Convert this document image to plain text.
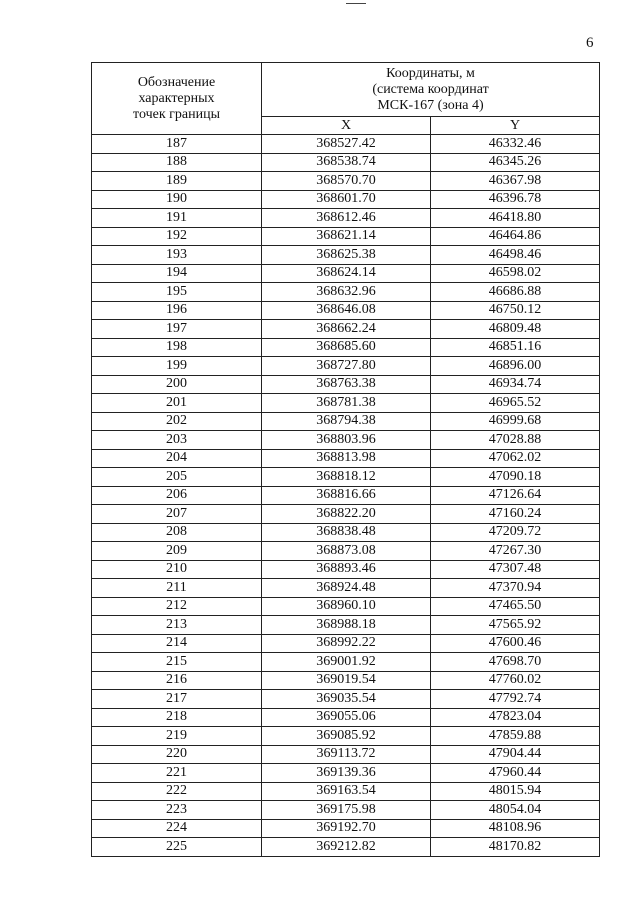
6
Обозначение
характерных
точек границы	Координаты, м
(система координат
МСК-167 (зона 4)	
	X	Y
187	368527.42	46332.46
188	368538.74	46345.26
189	368570.70	46367.98
190	368601.70	46396.78
191	368612.46	46418.80
192	368621.14	46464.86
193	368625.38	46498.46
194	368624.14	46598.02
195	368632.96	46686.88
196	368646.08	46750.12
197	368662.24	46809.48
198	368685.60	46851.16
199	368727.80	46896.00
200	368763.38	46934.74
201	368781.38	46965.52
202	368794.38	46999.68
203	368803.96	47028.88
204	368813.98	47062.02
205	368818.12	47090.18
206	368816.66	47126.64
207	368822.20	47160.24
208	368838.48	47209.72
209	368873.08	47267.30
210	368893.46	47307.48
211	368924.48	47370.94
212	368960.10	47465.50
213	368988.18	47565.92
214	368992.22	47600.46
215	369001.92	47698.70
216	369019.54	47760.02
217	369035.54	47792.74
218	369055.06	47823.04
219	369085.92	47859.88
220	369113.72	47904.44
221	369139.36	47960.44
222	369163.54	48015.94
223	369175.98	48054.04
224	369192.70	48108.96
225	369212.82	48170.82
